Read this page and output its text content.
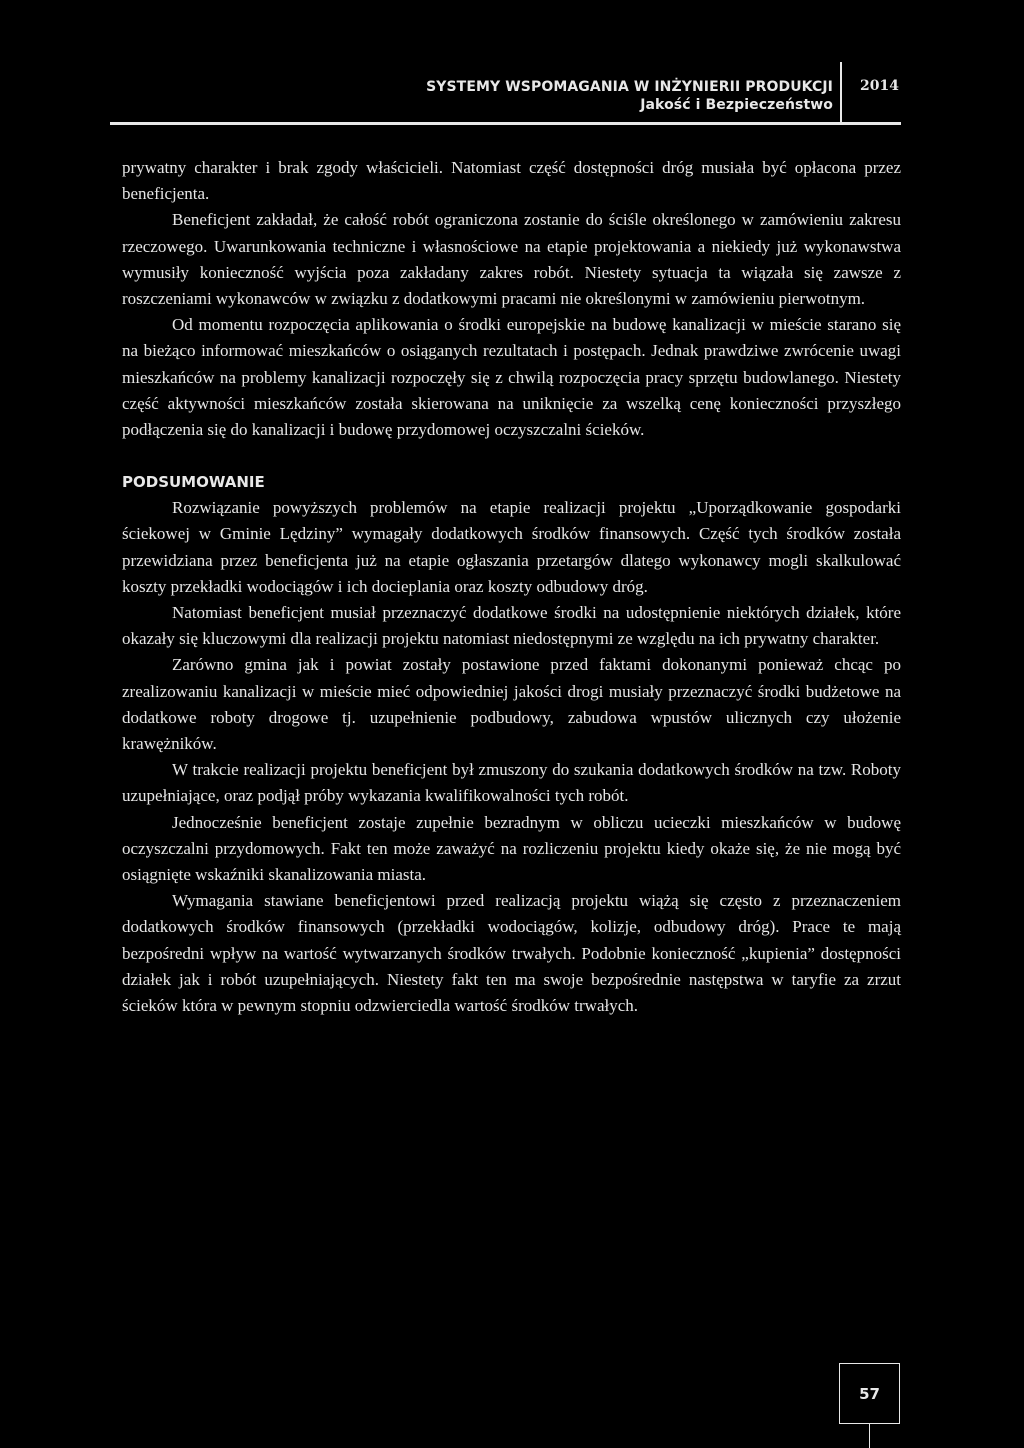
SYSTEMY WSPOMAGANIA W INŻYNIERII PRODUKCJI
Jakość i Bezpieczeństwo
2014

prywatny charakter i brak zgody właścicieli. Natomiast część dostępności dróg musiała być opłacona przez beneficjenta.

Beneficjent zakładał, że całość robót ograniczona zostanie do ściśle określonego w zamówieniu zakresu rzeczowego. Uwarunkowania techniczne i własnościowe na etapie projektowania a niekiedy już wykonawstwa wymusiły konieczność wyjścia poza zakładany zakres robót. Niestety sytuacja ta wiązała się zawsze z roszczeniami wykonawców w związku z dodatkowymi pracami nie określonymi w zamówieniu pierwotnym.

Od momentu rozpoczęcia aplikowania o środki europejskie na budowę kanalizacji w mieście starano się na bieżąco informować mieszkańców o osiąganych rezultatach i postępach. Jednak prawdziwe zwrócenie uwagi mieszkańców na problemy kanalizacji rozpoczęły się z chwilą rozpoczęcia pracy sprzętu budowlanego. Niestety część aktywności mieszkańców została skierowana na uniknięcie za wszelką cenę konieczności przyszłego podłączenia się do kanalizacji i budowę przydomowej oczyszczalni ścieków.

PODSUMOWANIE

Rozwiązanie powyższych problemów na etapie realizacji projektu „Uporządkowanie gospodarki ściekowej w Gminie Lędziny” wymagały dodatkowych środków finansowych. Część tych środków została przewidziana przez beneficjenta już na etapie ogłaszania przetargów dlatego wykonawcy mogli skalkulować koszty przekładki wodociągów i ich docieplania oraz koszty odbudowy dróg.

Natomiast beneficjent musiał przeznaczyć dodatkowe środki na udostępnienie niektórych działek, które okazały się kluczowymi dla realizacji projektu natomiast niedostępnymi ze względu na ich prywatny charakter.

Zarówno gmina jak i powiat zostały postawione przed faktami dokonanymi ponieważ chcąc po zrealizowaniu kanalizacji w mieście mieć odpowiedniej jakości drogi musiały przeznaczyć środki budżetowe na dodatkowe roboty drogowe tj. uzupełnienie podbudowy, zabudowa wpustów ulicznych czy ułożenie krawężników.

W trakcie realizacji projektu beneficjent był zmuszony do szukania dodatkowych środków na tzw. Roboty uzupełniające, oraz podjął próby wykazania kwalifikowalności tych robót.

Jednocześnie beneficjent zostaje zupełnie bezradnym w obliczu ucieczki mieszkańców w budowę oczyszczalni przydomowych. Fakt ten może zaważyć na rozliczeniu projektu kiedy okaże się, że nie mogą być osiągnięte wskaźniki skanalizowania miasta.

Wymagania stawiane beneficjentowi przed realizacją projektu wiążą się często z przeznaczeniem dodatkowych środków finansowych (przekładki wodociągów, kolizje, odbudowy dróg). Prace te mają bezpośredni wpływ na wartość wytwarzanych środków trwałych. Podobnie konieczność „kupienia” dostępności działek jak i robót uzupełniających. Niestety fakt ten ma swoje bezpośrednie następstwa w taryfie za zrzut ścieków która w pewnym stopniu odzwierciedla wartość środków trwałych.

57
